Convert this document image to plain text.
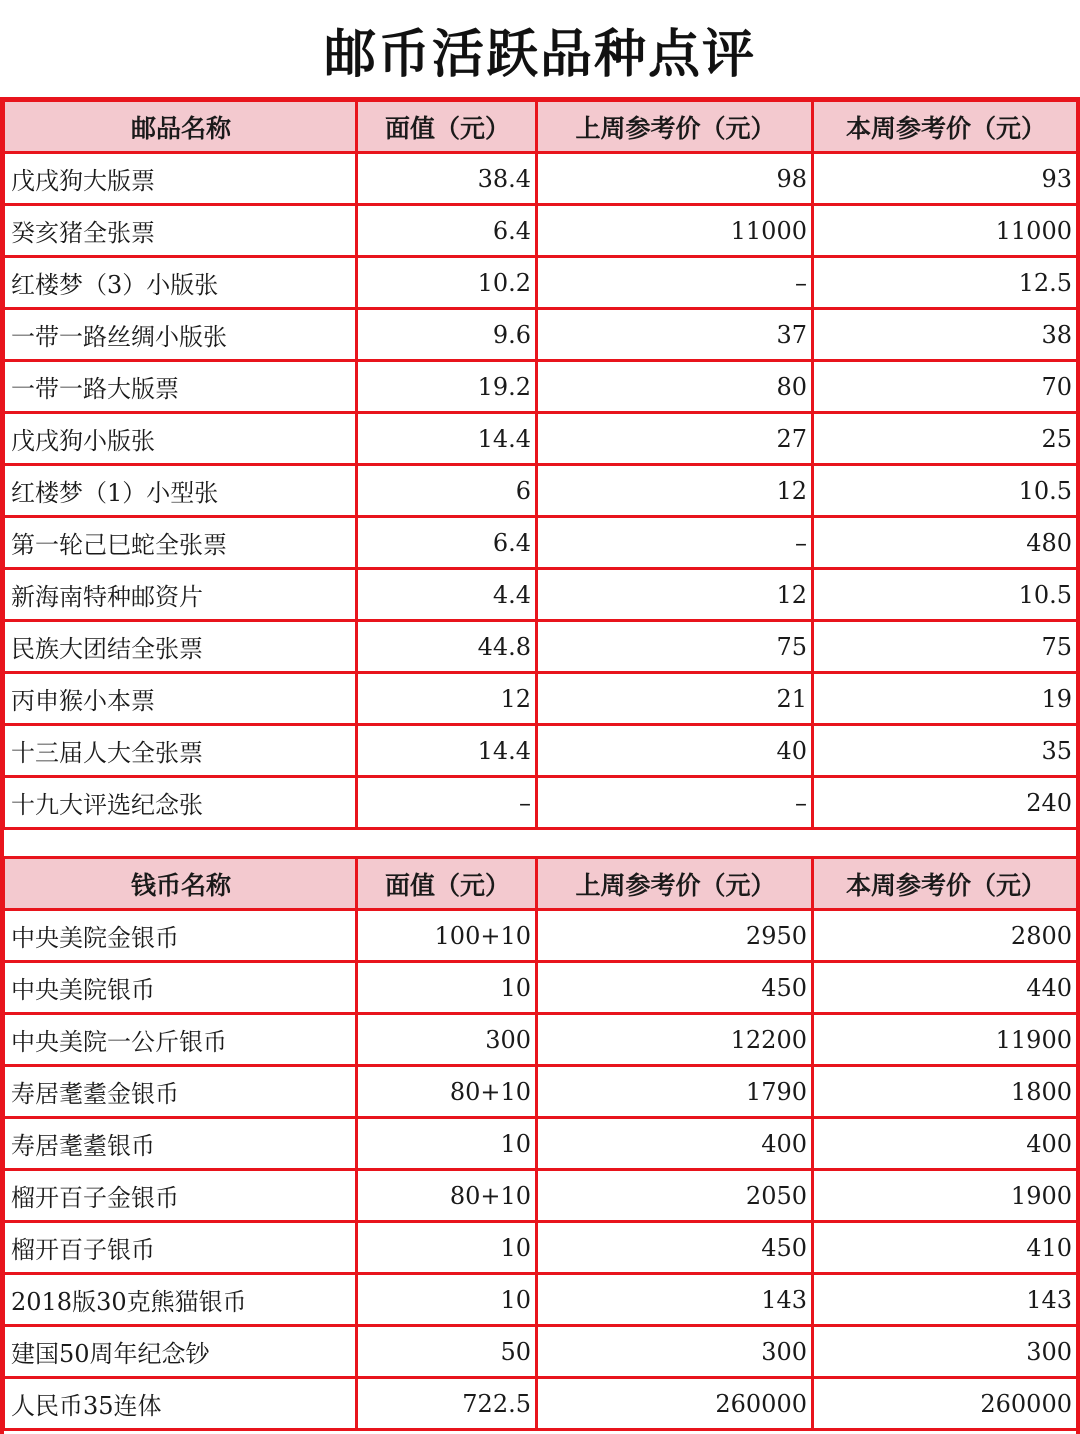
邮币活跃品种点评
邮品名称	面值（元）	上周参考价（元）	本周参考价（元）
戊戌狗大版票	38.4	98	93
癸亥猪全张票	6.4	11000	11000
红楼梦（3）小版张	10.2	–	12.5
一带一路丝绸小版张	9.6	37	38
一带一路大版票	19.2	80	70
戊戌狗小版张	14.4	27	25
红楼梦（1）小型张	6	12	10.5
第一轮己巳蛇全张票	6.4	–	480
新海南特种邮资片	4.4	12	10.5
民族大团结全张票	44.8	75	75
丙申猴小本票	12	21	19
十三届人大全张票	14.4	40	35
十九大评选纪念张	–	–	240
钱币名称	面值（元）	上周参考价（元）	本周参考价（元）
中央美院金银币	100+10	2950	2800
中央美院银币	10	450	440
中央美院一公斤银币	300	12200	11900
寿居耄耋金银币	80+10	1790	1800
寿居耄耋银币	10	400	400
榴开百子金银币	80+10	2050	1900
榴开百子银币	10	450	410
2018版30克熊猫银币	10	143	143
建国50周年纪念钞	50	300	300
人民币35连体	722.5	260000	260000
